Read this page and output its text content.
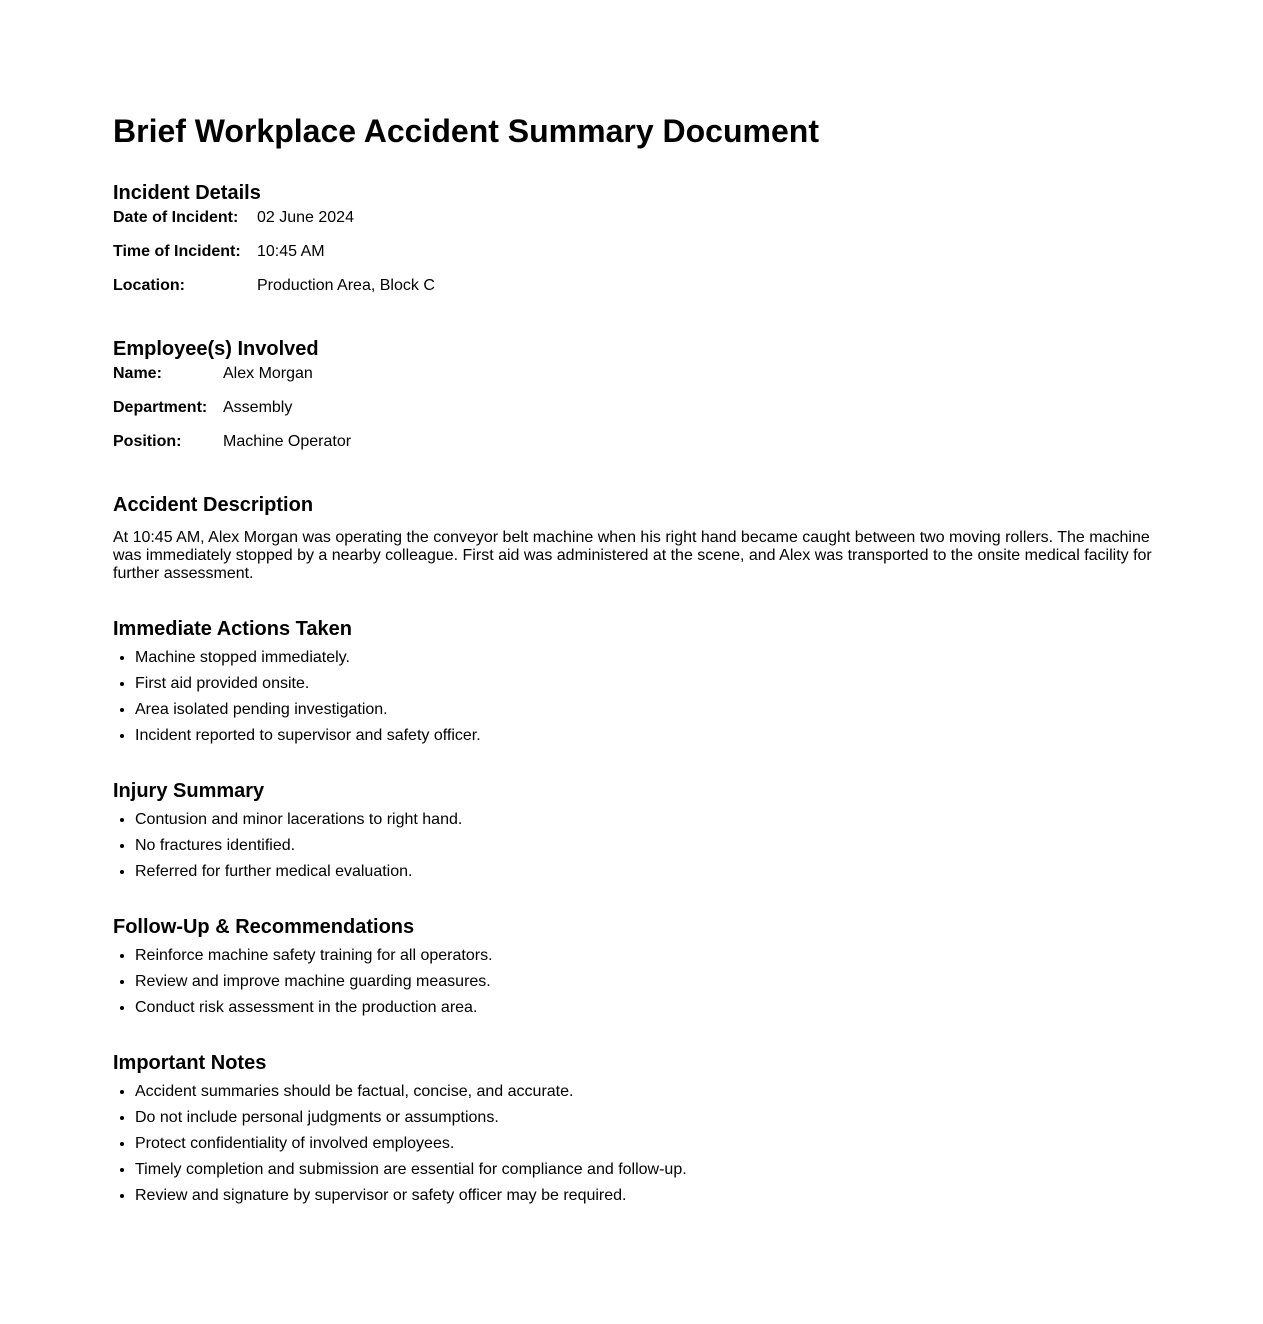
Brief Workplace Accident Summary Document
Incident Details
Date of Incident:	02 June 2024
Time of Incident:	10:45 AM
Location:	Production Area, Block C
Employee(s) Involved
Name:	Alex Morgan
Department:	Assembly
Position:	Machine Operator
Accident Description

At 10:45 AM, Alex Morgan was operating the conveyor belt machine when his right hand became caught between two moving rollers. The machine was immediately stopped by a nearby colleague. First aid was administered at the scene, and Alex was transported to the onsite medical facility for further assessment.

Immediate Actions Taken
• Machine stopped immediately.
• First aid provided onsite.
• Area isolated pending investigation.
• Incident reported to supervisor and safety officer.
Injury Summary
• Contusion and minor lacerations to right hand.
• No fractures identified.
• Referred for further medical evaluation.
Follow-Up & Recommendations
• Reinforce machine safety training for all operators.
• Review and improve machine guarding measures.
• Conduct risk assessment in the production area.
Important Notes
• Accident summaries should be factual, concise, and accurate.
• Do not include personal judgments or assumptions.
• Protect confidentiality of involved employees.
• Timely completion and submission are essential for compliance and follow-up.
• Review and signature by supervisor or safety officer may be required.
